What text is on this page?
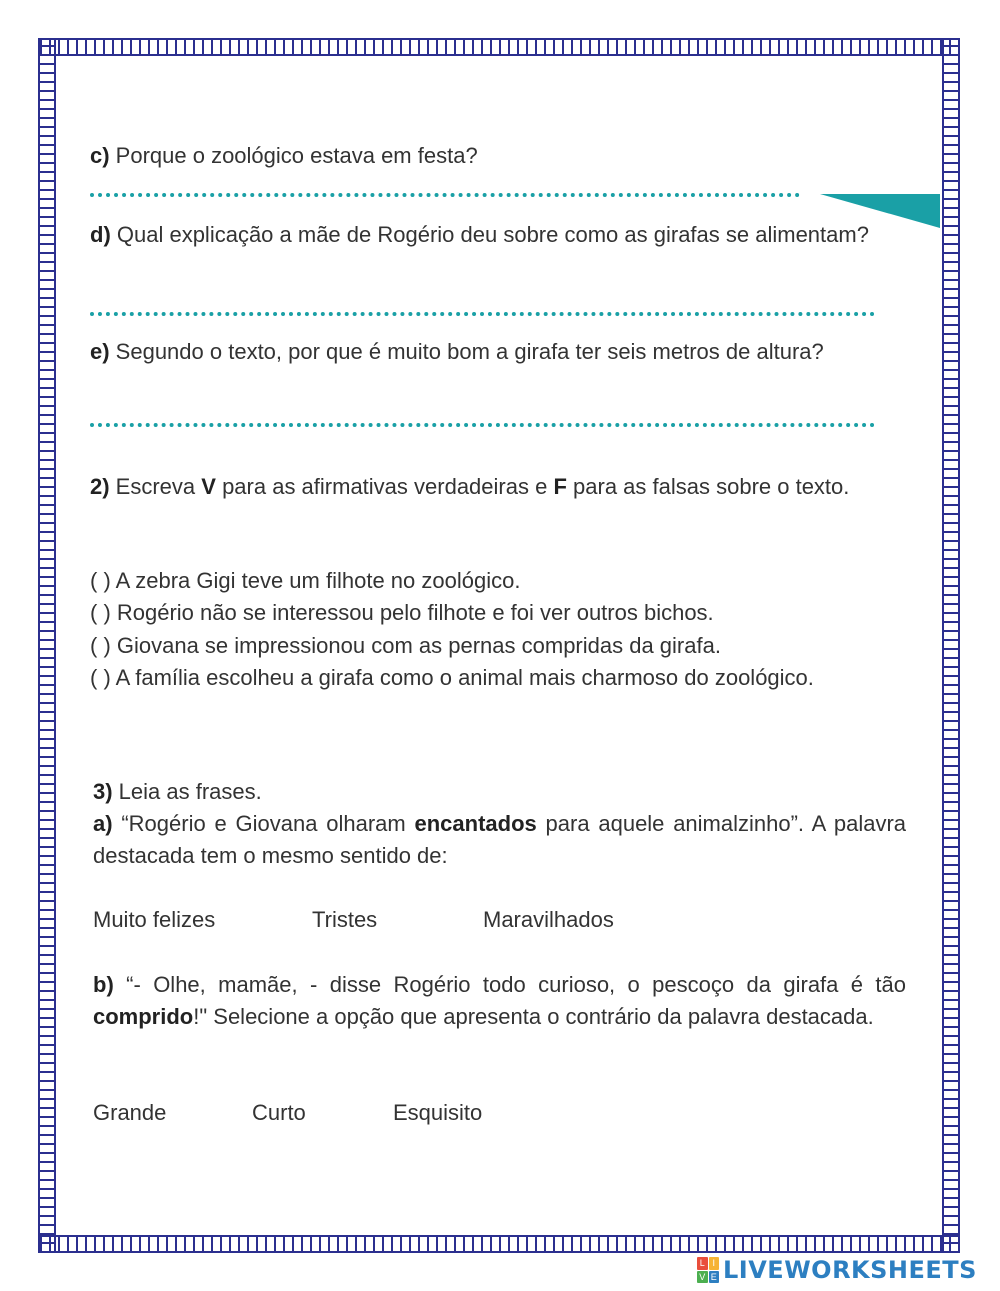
c) Porque o zoológico estava em festa?

d) Qual explicação a mãe de Rogério deu sobre como as girafas se alimentam?

e) Segundo o texto, por que é muito bom a girafa ter seis metros de altura?

2) Escreva V para as afirmativas verdadeiras e F para as falsas sobre o texto.

( ) A zebra Gigi teve um filhote no zoológico.

( ) Rogério não se interessou pelo filhote e foi ver outros bichos.

( ) Giovana se impressionou com as pernas compridas da girafa.

( ) A família escolheu a girafa como o animal mais charmoso do zoológico.

3) Leia as frases.

a) “Rogério e Giovana olharam encantados para aquele animalzinho”. A palavra destacada tem o mesmo sentido de:

Muito felizes	Tristes	Maravilhados

b) “- Olhe, mamãe, - disse Rogério todo curioso, o pescoço da girafa é tão comprido!" Selecione a opção que apresenta o contrário da palavra destacada.

Grande	Curto	Esquisito
L I
V E LIVEWORKSHEETS
